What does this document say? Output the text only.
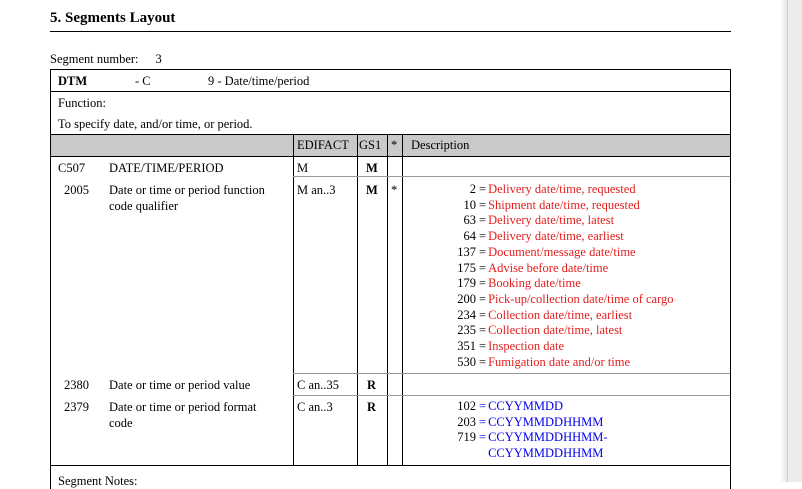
5. Segments Layout
Segment number: 3
DTM	- C	9 - Date/time/period
Function:
To specify date, and/or time, or period.
EDIFACT GS1 * Description
C507 DATE/TIME/PERIOD	M	M
2005 Date or time or period function
code qualifier
M an..3 M *	2 = Delivery date/time, requested
10 = Shipment date/time, requested
63 = Delivery date/time, latest
64 = Delivery date/time, earliest
137 = Document/message date/time
175 = Advise before date/time
179 = Booking date/time
200 = Pick-up/collection date/time of cargo
234 = Collection date/time, earliest
235 = Collection date/time, latest
351 = Inspection date
530 = Fumigation date and/or time
2380 Date or time or period value	C an..35 R
2379 Date or time or period format
code
C an..3	R	102 = CCYYMMDD
203 = CCYYMMDDHHMM
719 = CCYYMMDDHHMM-
CCYYMMDDHHMM
Segment Notes:
